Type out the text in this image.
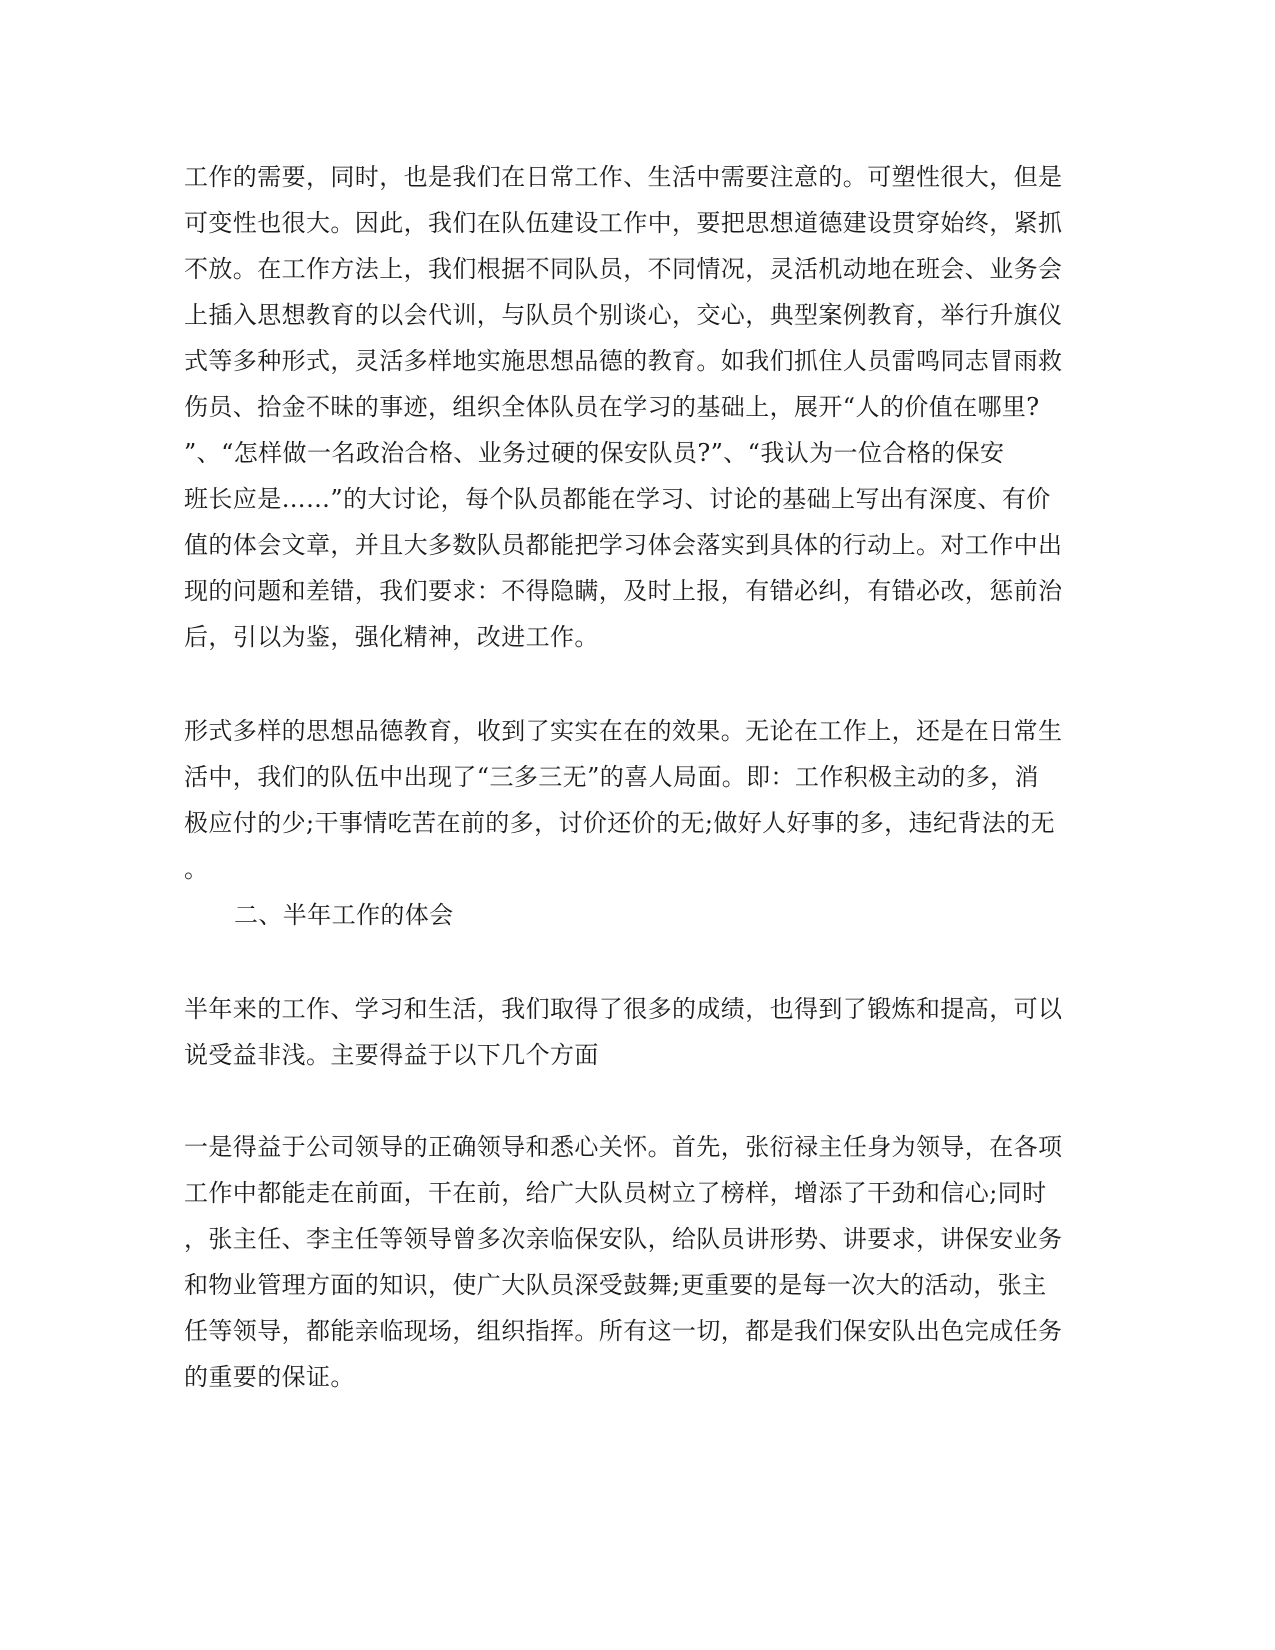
工作的需要，同时，也是我们在日常工作、生活中需要注意的。可塑性很大，但是
可变性也很大。因此，我们在队伍建设工作中，要把思想道德建设贯穿始终，紧抓
不放。在工作方法上，我们根据不同队员，不同情况，灵活机动地在班会、业务会
上插入思想教育的以会代训，与队员个别谈心，交心，典型案例教育，举行升旗仪
式等多种形式，灵活多样地实施思想品德的教育。如我们抓住人员雷鸣同志冒雨救
伤员、拾金不昧的事迹，组织全体队员在学习的基础上，展开“人的价值在哪里?
”、“怎样做一名政治合格、业务过硬的保安队员?”、“我认为一位合格的保安
班长应是……”的大讨论，每个队员都能在学习、讨论的基础上写出有深度、有价
值的体会文章，并且大多数队员都能把学习体会落实到具体的行动上。对工作中出
现的问题和差错，我们要求：不得隐瞒，及时上报，有错必纠，有错必改，惩前治
后，引以为鉴，强化精神，改进工作。
形式多样的思想品德教育，收到了实实在在的效果。无论在工作上，还是在日常生
活中，我们的队伍中出现了“三多三无”的喜人局面。即：工作积极主动的多，消
极应付的少;干事情吃苦在前的多，讨价还价的无;做好人好事的多，违纪背法的无
。
二、半年工作的体会
半年来的工作、学习和生活，我们取得了很多的成绩，也得到了锻炼和提高，可以
说受益非浅。主要得益于以下几个方面
一是得益于公司领导的正确领导和悉心关怀。首先，张衍禄主任身为领导，在各项
工作中都能走在前面，干在前，给广大队员树立了榜样，增添了干劲和信心;同时
，张主任、李主任等领导曾多次亲临保安队，给队员讲形势、讲要求，讲保安业务
和物业管理方面的知识，使广大队员深受鼓舞;更重要的是每一次大的活动，张主
任等领导，都能亲临现场，组织指挥。所有这一切，都是我们保安队出色完成任务
的重要的保证。
